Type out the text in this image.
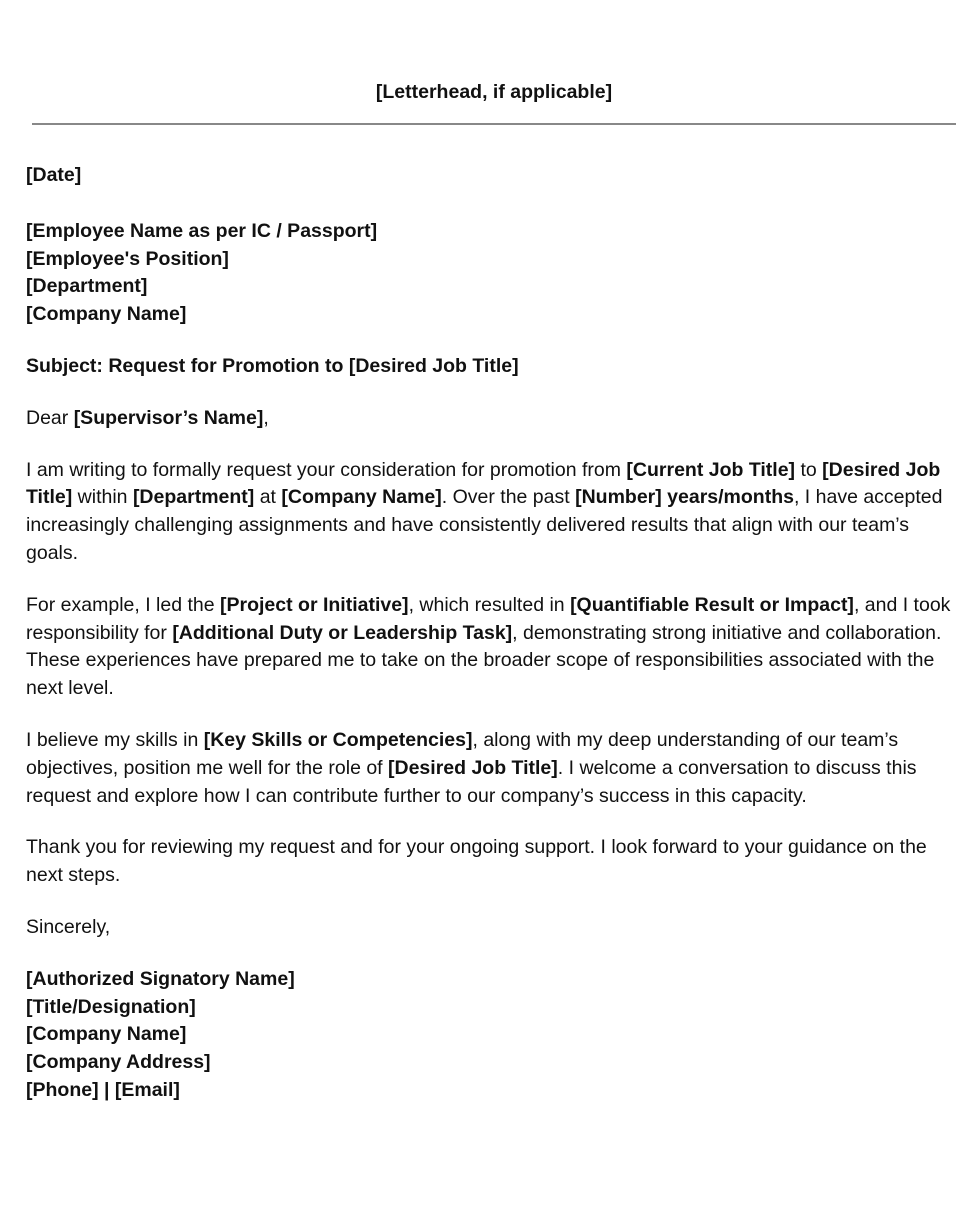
[Letterhead, if applicable]
[Date]
[Employee Name as per IC / Passport]
[Employee's Position]
[Department]
[Company Name]

Subject: Request for Promotion to [Desired Job Title]

Dear [Supervisor’s Name],

I am writing to formally request your consideration for promotion from [Current Job Title] to [Desired Job Title] within [Department] at [Company Name]. Over the past [Number] years/months, I have accepted increasingly challenging assignments and have consistently delivered results that align with our team’s goals.

For example, I led the [Project or Initiative], which resulted in [Quantifiable Result or Impact], and I took responsibility for [Additional Duty or Leadership Task], demonstrating strong initiative and collaboration. These experiences have prepared me to take on the broader scope of responsibilities associated with the next level.

I believe my skills in [Key Skills or Competencies], along with my deep understanding of our team’s objectives, position me well for the role of [Desired Job Title]. I welcome a conversation to discuss this request and explore how I can contribute further to our company’s success in this capacity.

Thank you for reviewing my request and for your ongoing support. I look forward to your guidance on the next steps.

Sincerely,

[Authorized Signatory Name]
[Title/Designation]
[Company Name]
[Company Address]
[Phone] | [Email]
